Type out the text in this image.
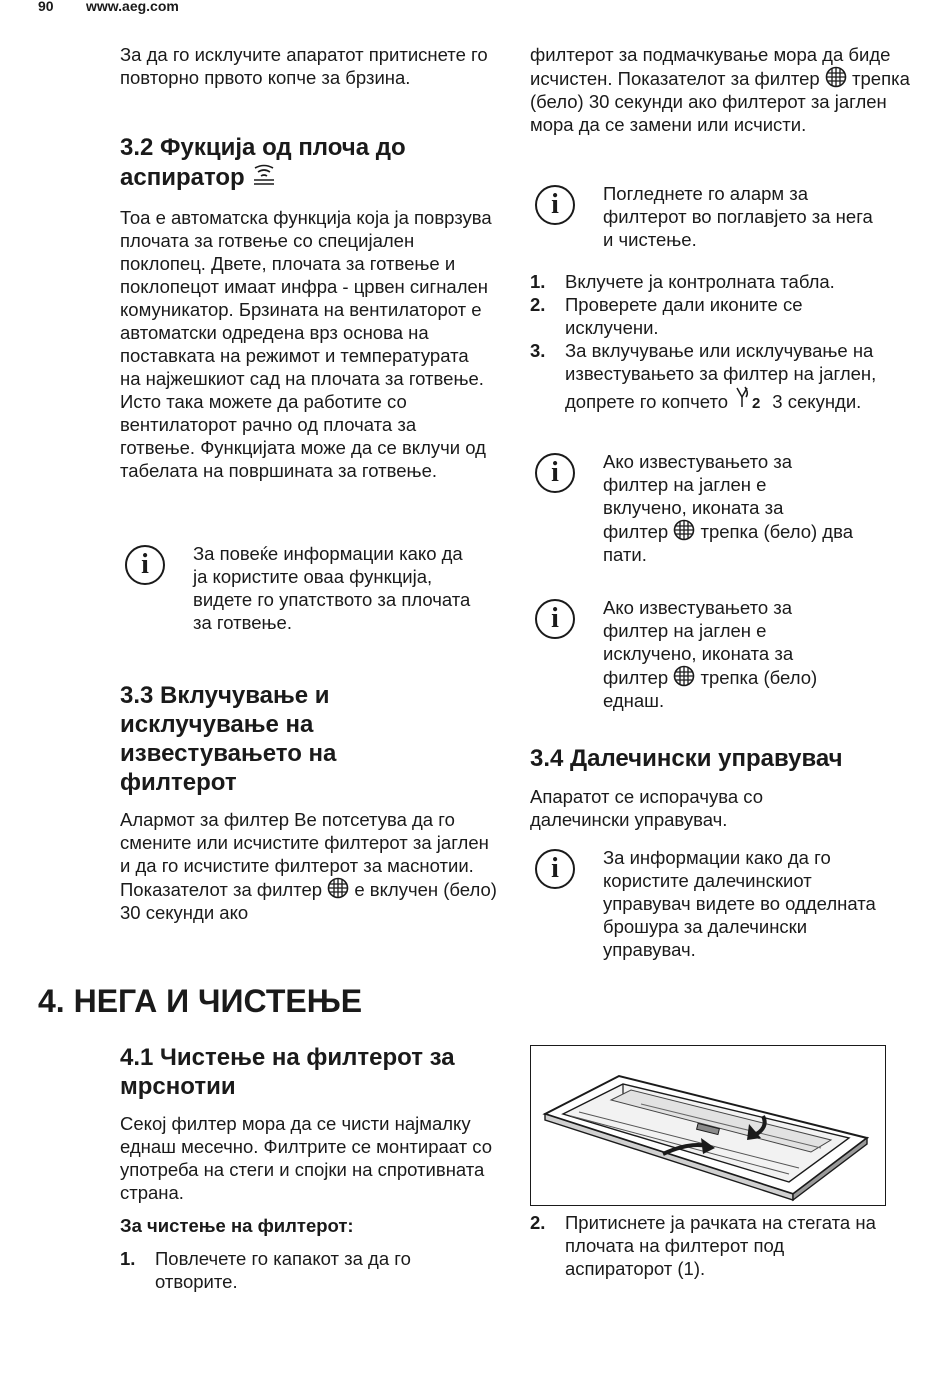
90 www.aeg.com

За да го исклучите апаратот притиснете го повторно првото копче за брзина.

3.2 Фукција од плоча до
аспиратор

Тоа е автоматска функција која ја поврзува плочата за готвење со специјален поклопец. Двете, плочата за готвење и поклопецот имаат инфра - црвен сигнален комуникатор. Брзината на вентилаторот е автоматски одредена врз основа на поставката на режимот и температурата на најжешкиот сад на плочата за готвење. Исто така можете да работите со вентилаторот рачно од плочата за готвење. Функцијата може да се вклучи од табелата на површината за готвење.

i	За повеќе информации како да ја користите оваа функција, видете го упатството за плочата за готвење.

3.3 Вклучување и исклучување на известувањето на филтерот

Алармот за филтер Ве потсетува да го смените или исчистите филтерот за јаглен и да го исчистите филтерот за маснотии. Показателот за филтер е вклучен (бело) 30 секунди ако

филтерот за подмачкување мора да биде исчистен. Показателот за филтер трепка (бело) 30 секунди ако филтерот за јаглен мора да се замени или исчисти.

i	Погледнете го аларм за филтерот во поглавјето за нега и чистење.

1. Вклучете ја контролната табла.
2. Проверете дали иконите се исклучени.
3. За вклучување или исклучување на известувањето за филтер на јаглен, допрете го копчето 2 3 секунди.
i	Ако известувањето за филтер на јаглен е вклучено, иконата за филтер трепка (бело) два пати.

i	Ако известувањето за филтер на јаглен е исклучено, иконата за филтер трепка (бело) еднаш.

3.4 Далечински управувач

Апаратот се испорачува со далечински управувач.

i	За информации како да го користите далечинскиот управувач видете во одделната брошура за далечински управувач.

4. НЕГА И ЧИСТЕЊЕ
4.1 Чистење на филтерот за мрснотии

Секој филтер мора да се чисти најмалку еднаш месечно. Филтрите се монтираат со употреба на стеги и спојки на спротивната страна.

За чистење на филтерот:
1. Повлечете го капакот за да го отворите.
2. Притиснете ја рачката на стегата на плочата на филтерот под аспираторот (1).
